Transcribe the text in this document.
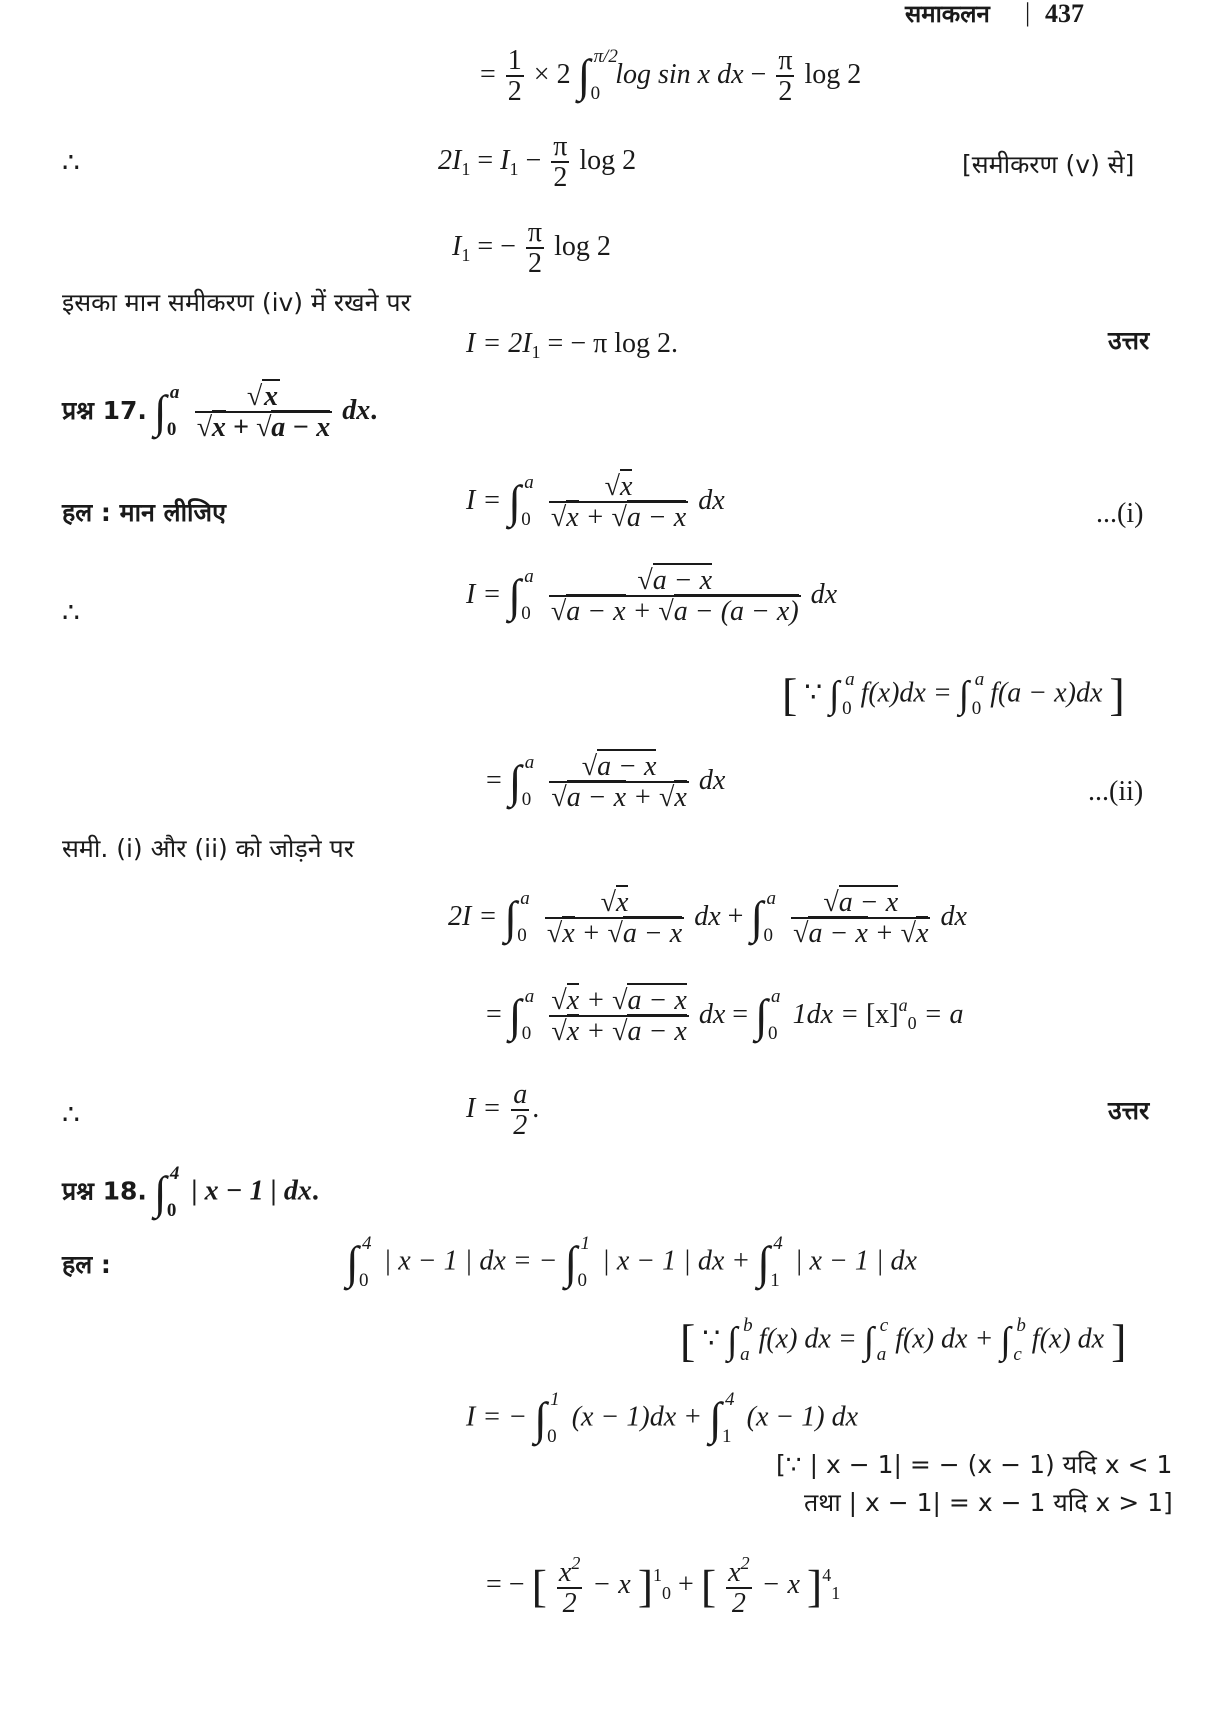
समाकलन | 437
= $\frac{1}{2} \times 2$ ∫ π/2
0
log sin x dx − $\frac{\pi}{2}$ log 2
∴	$2I_1 = I_1 - \frac{\pi}{2}$ log 2	[समीकरण (v) से]
$I_1$ = − $\frac{\pi}{2}$ log 2
इसका मान समीकरण (iv) में रखने पर
$I = 2I_1$ = − π log 2.	उत्तर
प्रश्न 17. ∫ a
0
$\frac{√x}{√x + √a - x}$ dx.
हल : मान लीजिए	I = ∫ a
0
$\frac{√x}{√x + √a - x}$ dx	...(i)
∴
I = ∫ a
0
$\frac{√a - x}{√a - x + √a - (a - x)}$ dx
[ ∵ ∫ a
0
f(x)dx = ∫ a
0
f(a − x)dx ]
= ∫ a
0
$\frac{√a - x}{√a - x + √x}$ dx	...(ii)
समी. (i) और (ii) को जोड़ने पर
2I = ∫ a
0
$\frac{√x}{√x + √a - x}$ dx + ∫ a
0
$\frac{√a - x}{√a - x + √x}$ dx
= ∫ a
0
$\frac{√x + √a - x}{√x + √a - x}$ dx = ∫ a
0
$1dx = [x]^a_0 = a$
∴	$I = \frac{a}{2}$ .	उत्तर
प्रश्न 18. ∫ 4
0
| x − 1 | dx.
हल :	∫ 4
0
| x − 1 | dx = − ∫ 1
0
| x − 1 | dx + ∫ 4
1
| x − 1 | dx
[ ∵ ∫ b
a
f(x) dx = ∫ c
a
f(x) dx + ∫ b
c
f(x) dx ]
I = − ∫ 1
0
(x − 1)dx + ∫ 4
1
(x − 1) dx
[∵ | x − 1| = − (x − 1) यदि x < 1
तथा | x − 1| = x − 1 यदि x > 1]
= − [ $\frac{x^2}{2} - x$ ]$^1_0$ + [ $\frac{x^2}{2} - x$ ]$^4_1$
